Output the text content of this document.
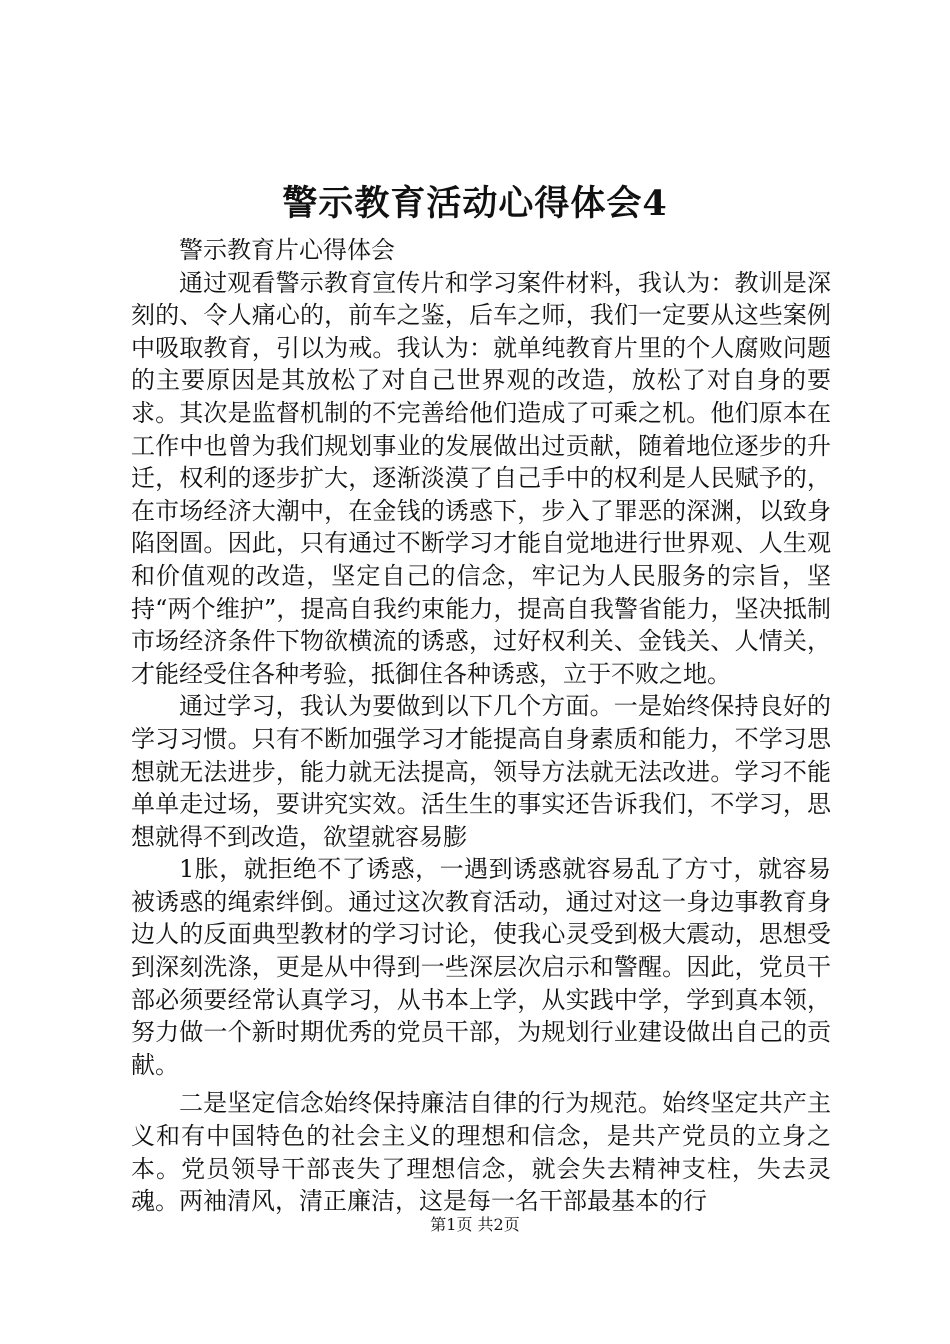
警示教育活动心得体会4

警示教育片心得体会

通过观看警示教育宣传片和学习案件材料，我认为：教训是深刻的、令人痛心的，前车之鉴，后车之师，我们一定要从这些案例中吸取教育，引以为戒。我认为：就单纯教育片里的个人腐败问题的主要原因是其放松了对自己世界观的改造，放松了对自身的要求。其次是监督机制的不完善给他们造成了可乘之机。他们原本在工作中也曾为我们规划事业的发展做出过贡献，随着地位逐步的升迁，权利的逐步扩大，逐渐淡漠了自己手中的权利是人民赋予的，在市场经济大潮中，在金钱的诱惑下，步入了罪恶的深渊，以致身陷囹圄。因此，只有通过不断学习才能自觉地进行世界观、人生观和价值观的改造，坚定自己的信念，牢记为人民服务的宗旨，坚持“两个维护”，提高自我约束能力，提高自我警省能力，坚决抵制市场经济条件下物欲横流的诱惑，过好权利关、金钱关、人情关，才能经受住各种考验，抵御住各种诱惑，立于不败之地。

通过学习，我认为要做到以下几个方面。一是始终保持良好的学习习惯。只有不断加强学习才能提高自身素质和能力，不学习思想就无法进步，能力就无法提高，领导方法就无法改进。学习不能单单走过场，要讲究实效。活生生的事实还告诉我们，不学习，思想就得不到改造，欲望就容易膨

1胀，就拒绝不了诱惑，一遇到诱惑就容易乱了方寸，就容易被诱惑的绳索绊倒。通过这次教育活动，通过对这一身边事教育身边人的反面典型教材的学习讨论，使我心灵受到极大震动，思想受到深刻洗涤，更是从中得到一些深层次启示和警醒。因此，党员干部必须要经常认真学习，从书本上学，从实践中学，学到真本领，努力做一个新时期优秀的党员干部，为规划行业建设做出自己的贡献。

二是坚定信念始终保持廉洁自律的行为规范。始终坚定共产主义和有中国特色的社会主义的理想和信念，是共产党员的立身之本。党员领导干部丧失了理想信念，就会失去精神支柱，失去灵魂。两袖清风，清正廉洁，这是每一名干部最基本的行

第1页 共2页
